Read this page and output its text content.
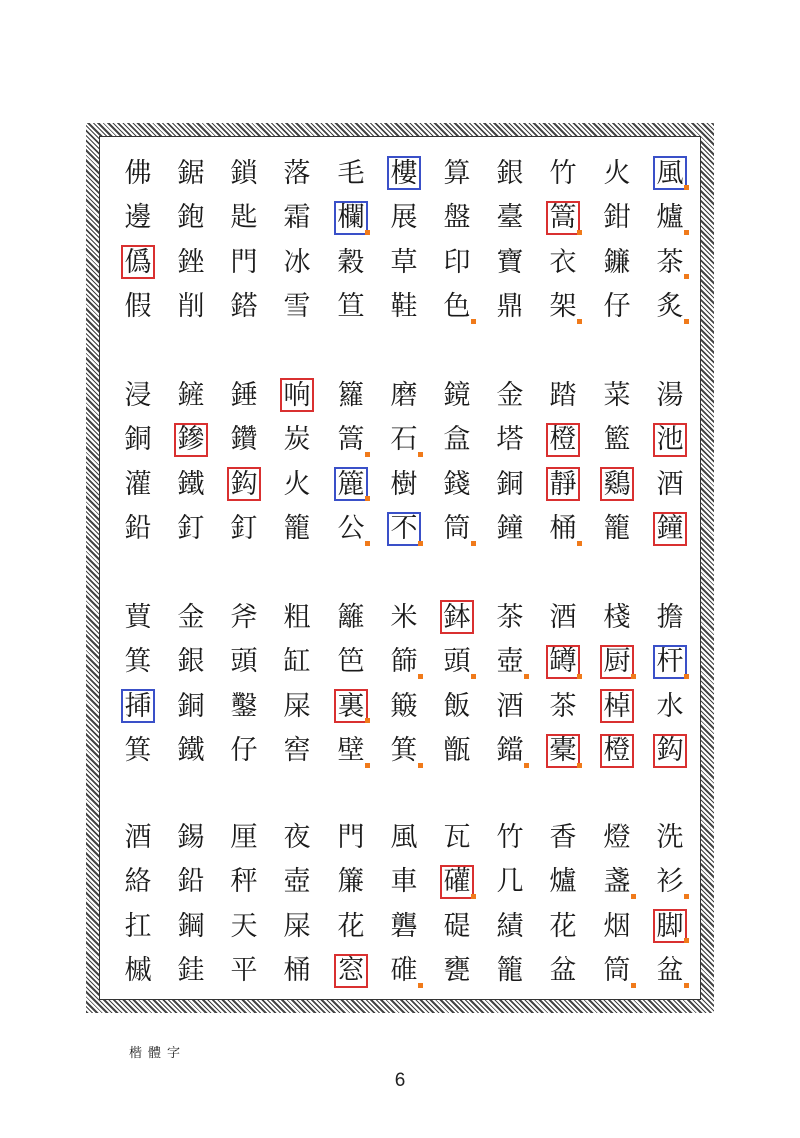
佛 鋸 鎖 落 毛 樓 算 銀 竹 火 風
邊 鉋 匙 霜 欄 展 盤 臺 篙 鉗 爐
僞 銼 門 冰 穀 草 印 寶 衣 鐮 茶
假 削 鎝 雪 笪 鞋 色 鼎 架 仔 炙
浸 鏟 錘 响 籮 磨 鏡 金 踏 菜 湯
銅 鏒 鑽 炭 篙 石 盒 塔 橙 籃 池
灌 鐵 鈎 火 簏 樹 錢 銅 靜 鷄 酒
鉛 釘 釘 籠 公 不 筒 鐘 桶 籠 鐘
蕒 金 斧 粗 籬 米 鉢 茶 酒 棧 擔
箕 銀 頭 缸 笆 篩 頭 壺 罇 厨 杆
揷 銅 鑿 屎 裏 簸 飯 酒 茶 棹 水
箕 鐵 仔 窖 壁 箕 甑 鐺 橐 橙 鈎
酒 錫 厘 夜 門 風 瓦 竹 香 燈 洗
絡 鉛 秤 壺 簾 車 礶 几 爐 盞 衫
扛 鋼 天 屎 花 礱 碮 績 花 烟 脚
槭 銈 平 桶 窓 碓 甕 籠 盆 筒 盆
楷體字
6
